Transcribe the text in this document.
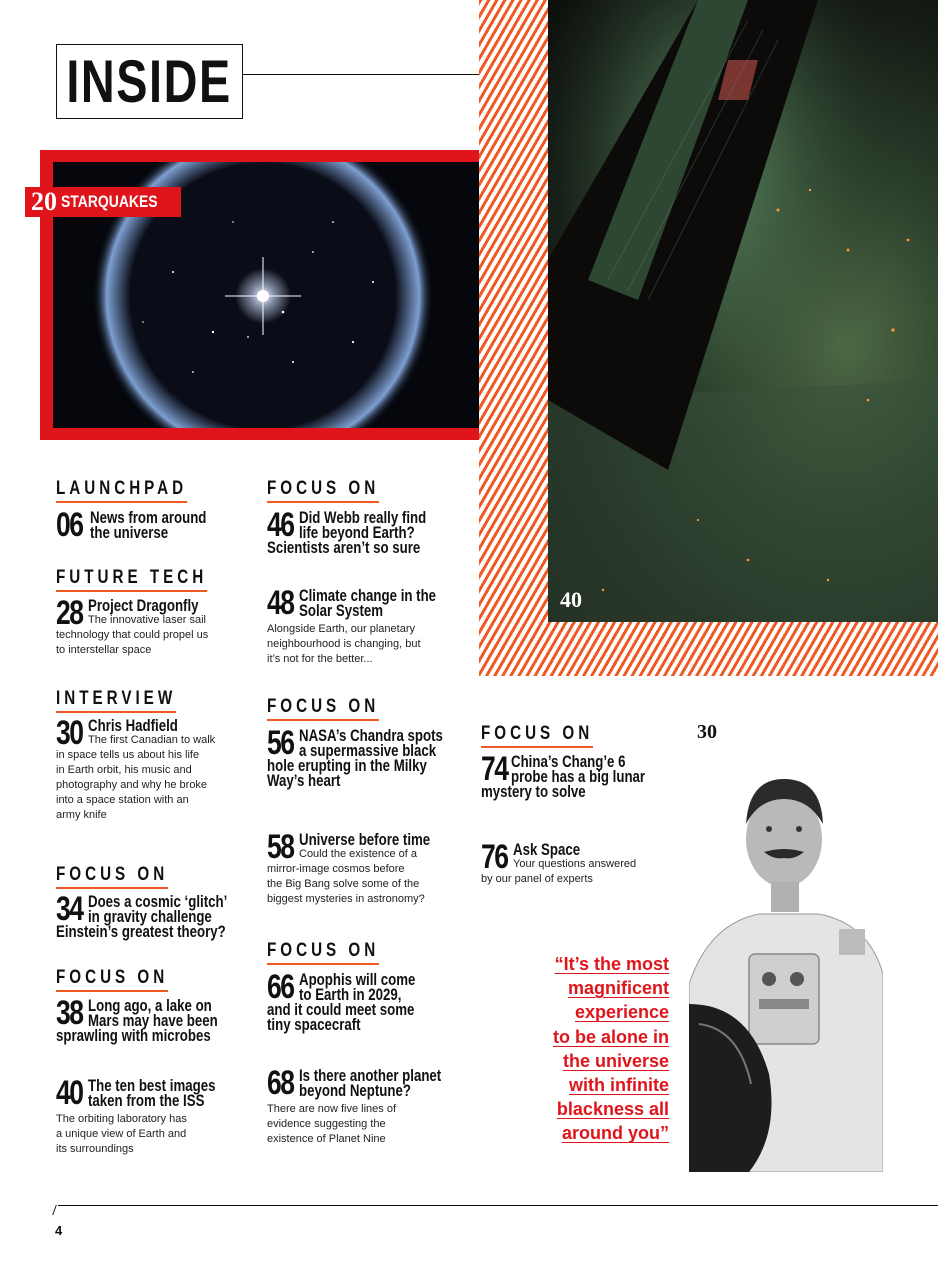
INSIDE
40
20 STARQUAKES
LAUNCHPAD
06 News from around
the universe
FUTURE TECH
28 Project Dragonfly
The innovative laser sail
technology that could propel us
to interstellar space
INTERVIEW
30 Chris Hadfield
The first Canadian to walk
in space tells us about his life
in Earth orbit, his music and
photography and why he broke
into a space station with an
army knife
FOCUS ON
34 Does a cosmic ‘glitch’
in gravity challenge
Einstein’s greatest theory?
FOCUS ON
38 Long ago, a lake on
Mars may have been
sprawling with microbes
40 The ten best images
taken from the ISS
The orbiting laboratory has
a unique view of Earth and
its surroundings
FOCUS ON
46 Did Webb really find
life beyond Earth?
Scientists aren’t so sure
48 Climate change in the
Solar System
Alongside Earth, our planetary
neighbourhood is changing, but
it’s not for the better...
FOCUS ON
56 NASA’s Chandra spots
a supermassive black
hole erupting in the Milky
Way’s heart
58 Universe before time
Could the existence of a
mirror-image cosmos before
the Big Bang solve some of the
biggest mysteries in astronomy?
FOCUS ON
66 Apophis will come
to Earth in 2029,
and it could meet some
tiny spacecraft
68 Is there another planet
beyond Neptune?
There are now five lines of
evidence suggesting the
existence of Planet Nine
FOCUS ON
74 China’s Chang’e 6
probe has a big lunar
mystery to solve
76 Ask Space
Your questions answered
by our panel of experts
“It’s the most
magnificent
experience
to be alone in
the universe
with infinite
blackness all
around you”
30
4
